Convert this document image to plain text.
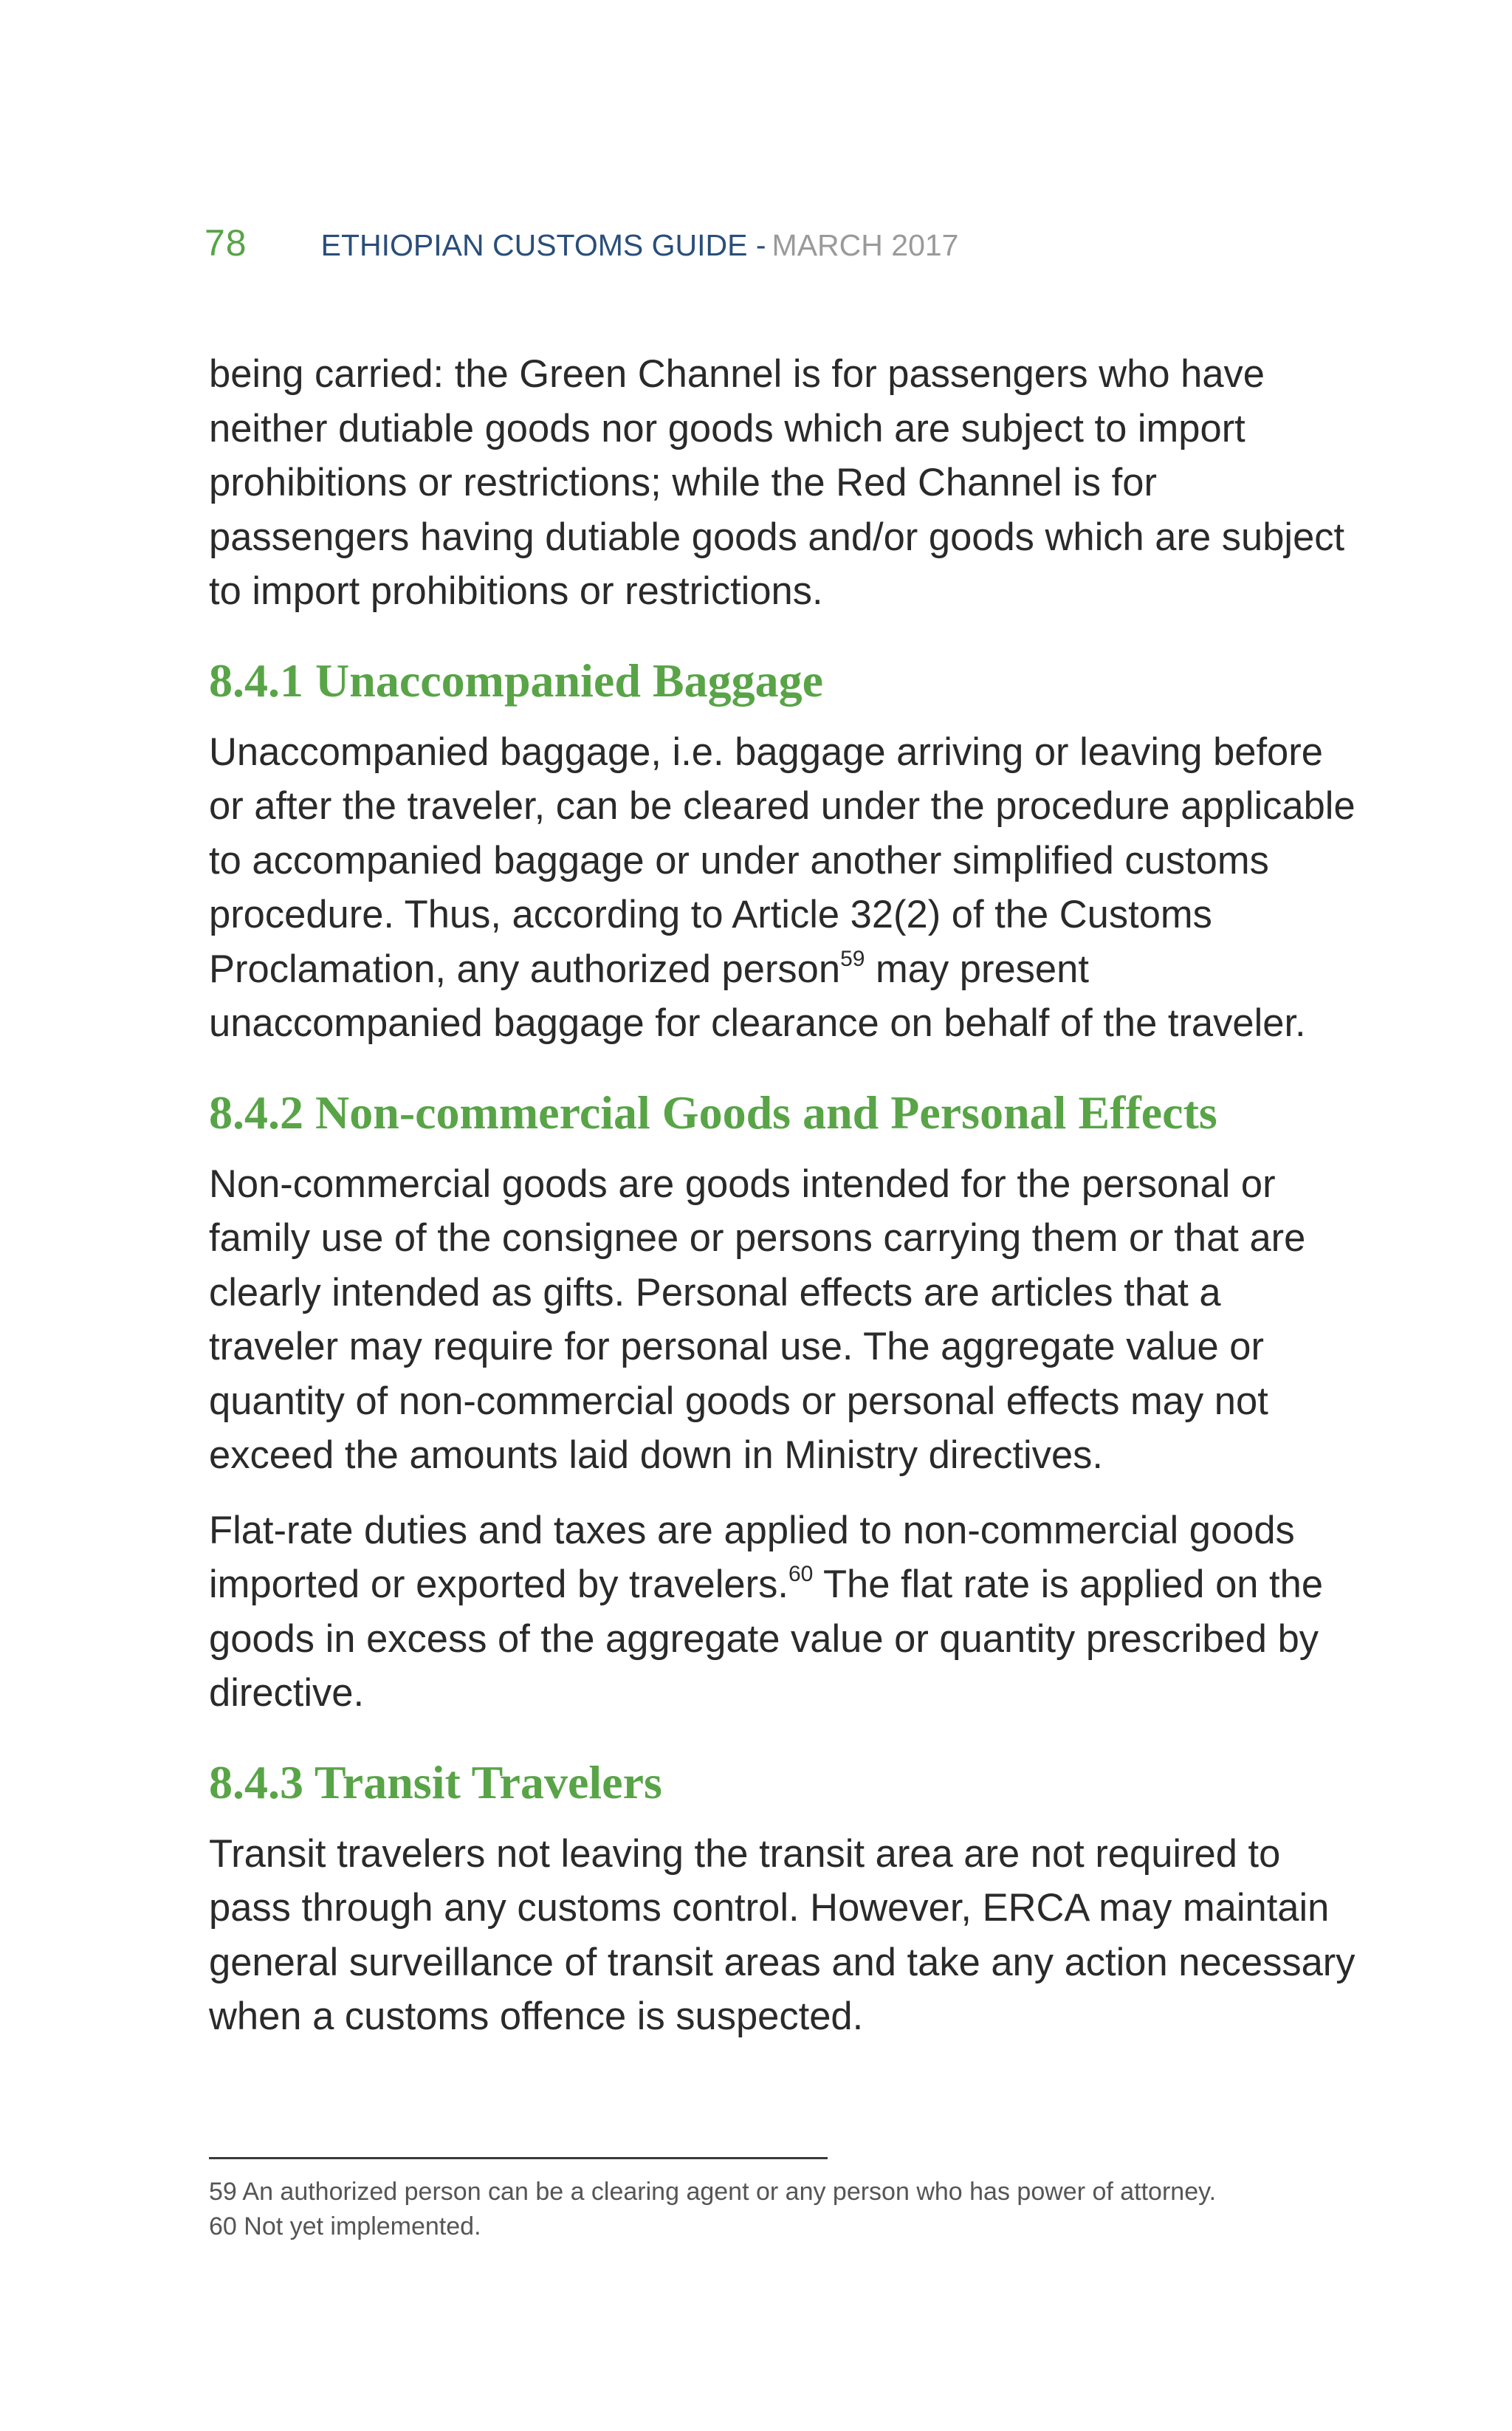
78 ETHIOPIAN CUSTOMS GUIDE - MARCH 2017

being carried: the Green Channel is for passengers who have neither dutiable goods nor goods which are subject to import prohibitions or restrictions; while the Red Channel is for passengers having dutiable goods and/or goods which are subject to import prohibitions or restrictions.

8.4.1 Unaccompanied Baggage

Unaccompanied baggage, i.e. baggage arriving or leaving before or after the traveler, can be cleared under the procedure applicable to accompanied baggage or under another simplified customs procedure. Thus, according to Article 32(2) of the Customs Proclamation, any authorized person$^{59}$ may present unaccompanied baggage for clearance on behalf of the traveler.

8.4.2 Non-commercial Goods and Personal Effects

Non-commercial goods are goods intended for the personal or family use of the consignee or persons carrying them or that are clearly intended as gifts. Personal effects are articles that a traveler may require for personal use. The aggregate value or quantity of non-commercial goods or personal effects may not exceed the amounts laid down in Ministry directives.

Flat-rate duties and taxes are applied to non-commercial goods imported or exported by travelers.$^{60}$ The flat rate is applied on the goods in excess of the aggregate value or quantity prescribed by directive.

8.4.3 Transit Travelers

Transit travelers not leaving the transit area are not required to pass through any customs control. However, ERCA may maintain general surveillance of transit areas and take any action necessary when a customs offence is suspected.

59 An authorized person can be a clearing agent or any person who has power of attorney.

60 Not yet implemented.
